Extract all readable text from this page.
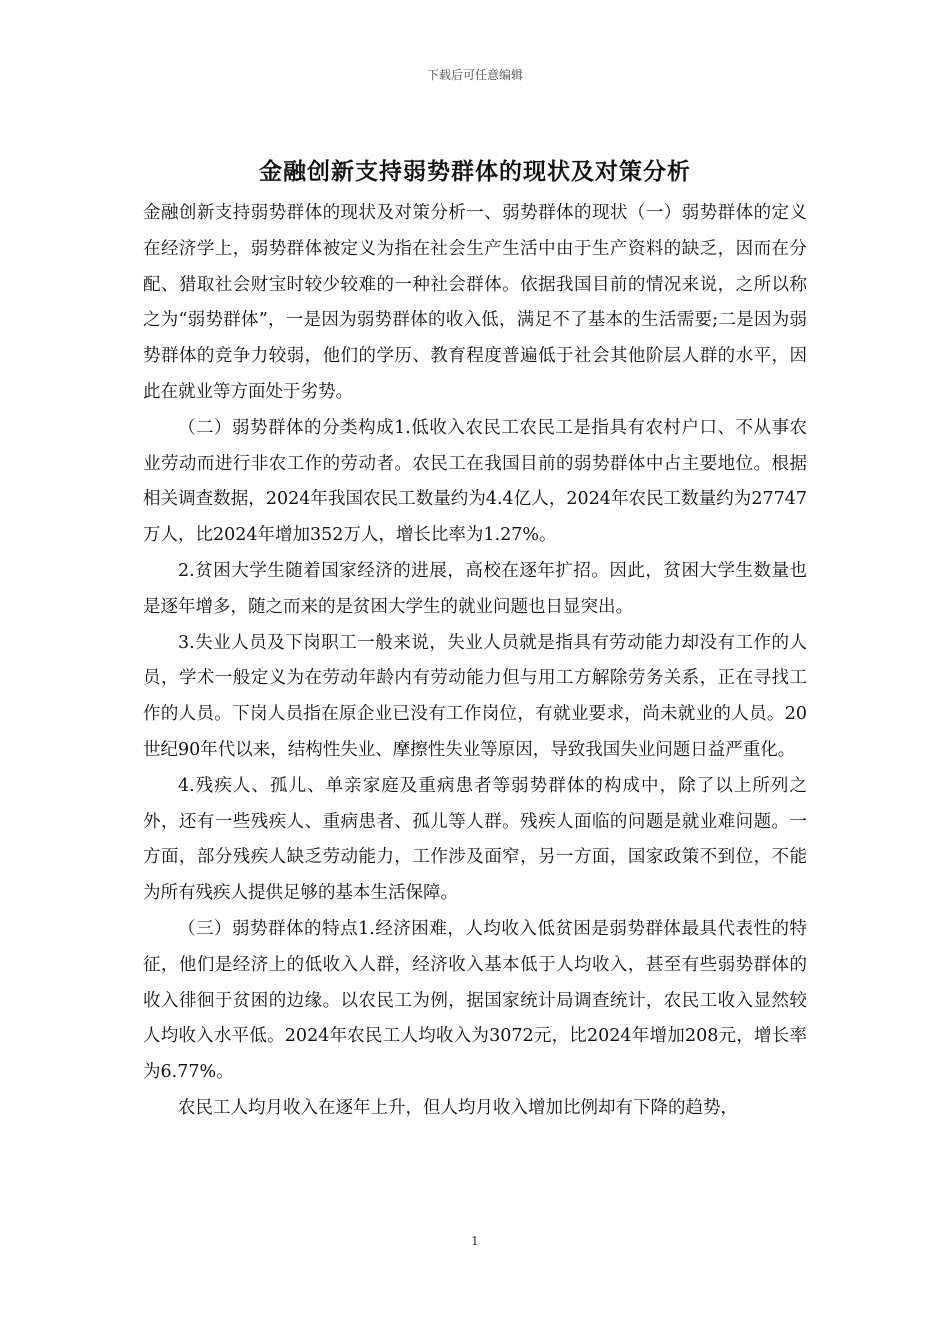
下载后可任意编辑
金融创新支持弱势群体的现状及对策分析

金融创新支持弱势群体的现状及对策分析一、弱势群体的现状（一）弱势群体的定义在经济学上，弱势群体被定义为指在社会生产生活中由于生产资料的缺乏，因而在分配、猎取社会财宝时较少较难的一种社会群体。依据我国目前的情况来说，之所以称之为“弱势群体”，一是因为弱势群体的收入低，满足不了基本的生活需要;二是因为弱势群体的竞争力较弱，他们的学历、教育程度普遍低于社会其他阶层人群的水平，因此在就业等方面处于劣势。

（二）弱势群体的分类构成1.低收入农民工农民工是指具有农村户口、不从事农业劳动而进行非农工作的劳动者。农民工在我国目前的弱势群体中占主要地位。根据相关调查数据，2024年我国农民工数量约为4.4亿人，2024年农民工数量约为27747万人，比2024年增加352万人，增长比率为1.27%。

2.贫困大学生随着国家经济的进展，高校在逐年扩招。因此，贫困大学生数量也是逐年增多，随之而来的是贫困大学生的就业问题也日显突出。

3.失业人员及下岗职工一般来说，失业人员就是指具有劳动能力却没有工作的人员，学术一般定义为在劳动年龄内有劳动能力但与用工方解除劳务关系，正在寻找工作的人员。下岗人员指在原企业已没有工作岗位，有就业要求，尚未就业的人员。20世纪90年代以来，结构性失业、摩擦性失业等原因，导致我国失业问题日益严重化。

4.残疾人、孤儿、单亲家庭及重病患者等弱势群体的构成中，除了以上所列之外，还有一些残疾人、重病患者、孤儿等人群。残疾人面临的问题是就业难问题。一方面，部分残疾人缺乏劳动能力，工作涉及面窄，另一方面，国家政策不到位，不能为所有残疾人提供足够的基本生活保障。

（三）弱势群体的特点1.经济困难，人均收入低贫困是弱势群体最具代表性的特征，他们是经济上的低收入人群，经济收入基本低于人均收入，甚至有些弱势群体的收入徘徊于贫困的边缘。以农民工为例，据国家统计局调查统计，农民工收入显然较人均收入水平低。2024年农民工人均收入为3072元，比2024年增加208元，增长率为6.77%。

农民工人均月收入在逐年上升，但人均月收入增加比例却有下降的趋势，

1
